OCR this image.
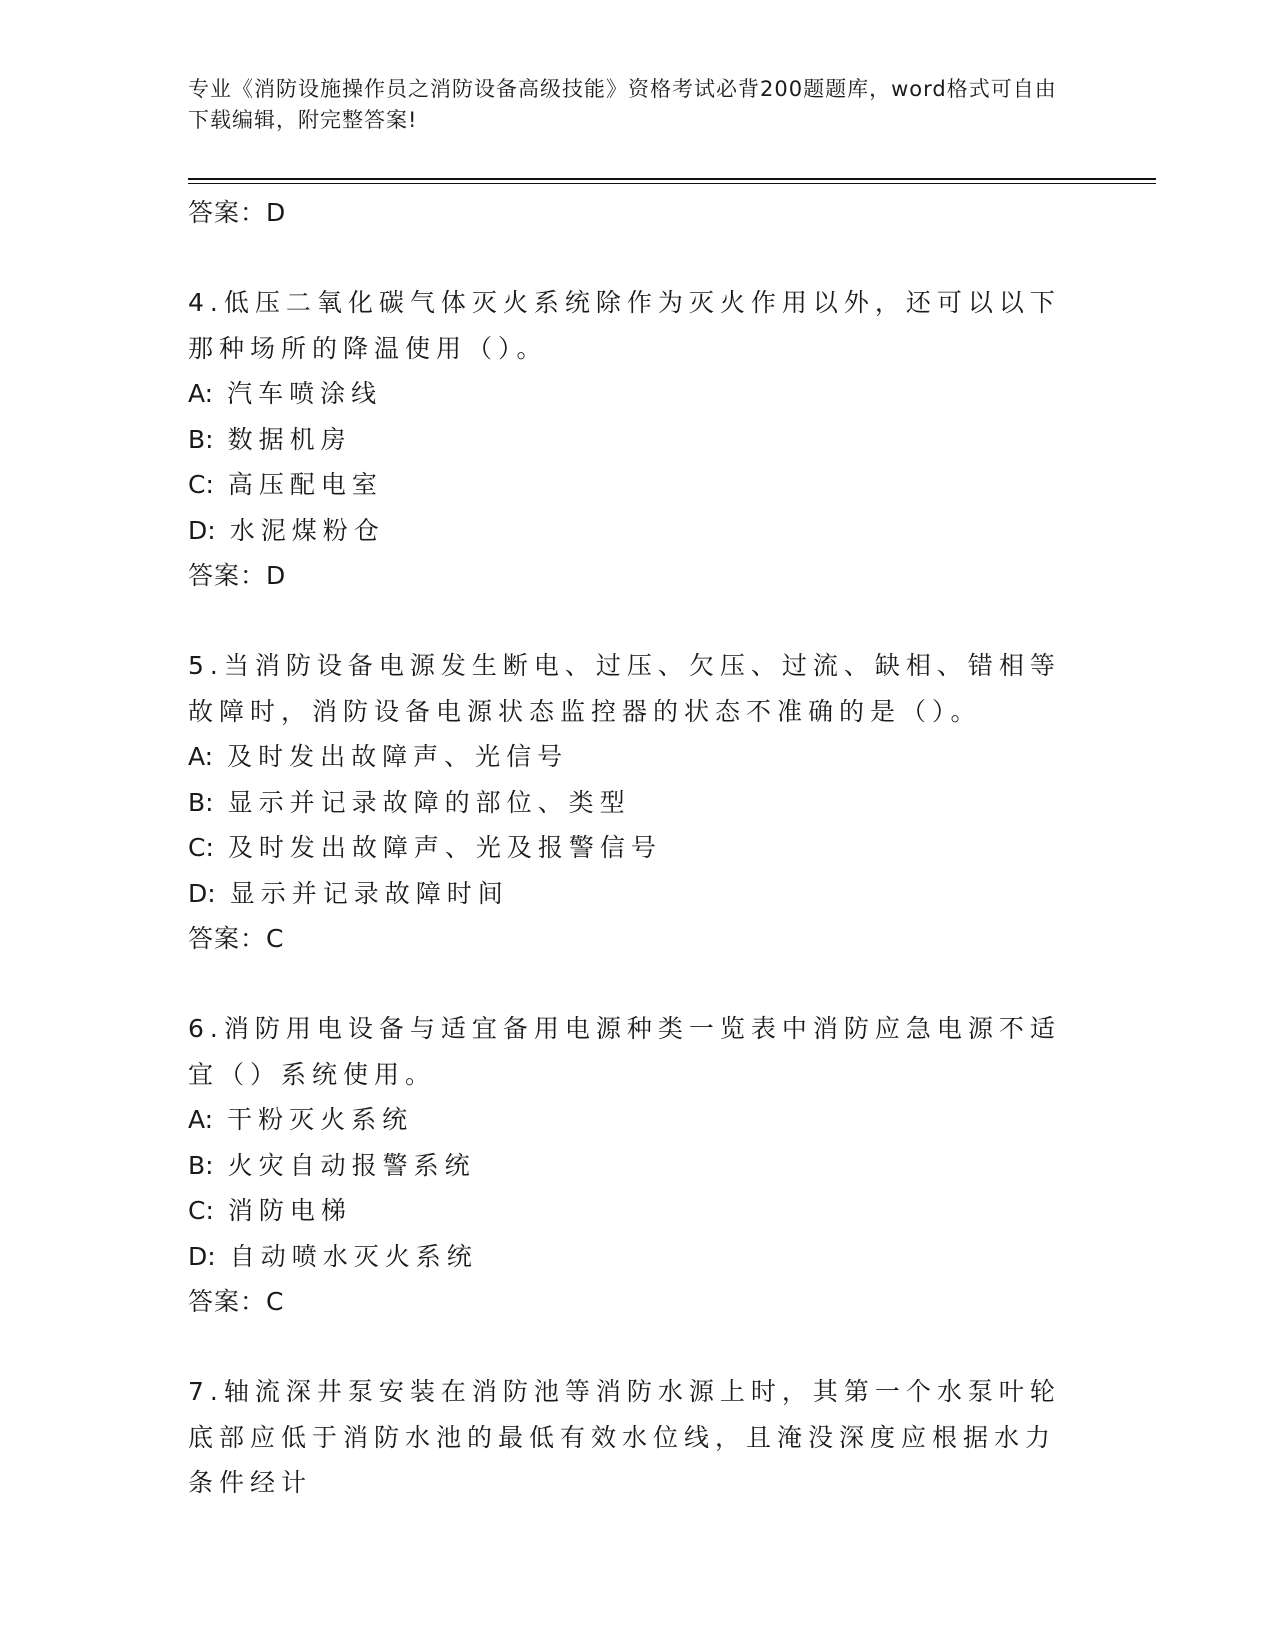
专业《消防设施操作员之消防设备高级技能》资格考试必背200题题库，word格式可自由下载编辑，附完整答案!
答案：D
4.低压二氧化碳气体灭火系统除作为灭火作用以外，还可以以下那种场所的降温使用（）。
A: 汽车喷涂线
B: 数据机房
C: 高压配电室
D: 水泥煤粉仓
答案：D
5.当消防设备电源发生断电、过压、欠压、过流、缺相、错相等故障时，消防设备电源状态监控器的状态不准确的是（）。
A: 及时发出故障声、光信号
B: 显示并记录故障的部位、类型
C: 及时发出故障声、光及报警信号
D: 显示并记录故障时间
答案：C
6.消防用电设备与适宜备用电源种类一览表中消防应急电源不适宜（）系统使用。
A: 干粉灭火系统
B: 火灾自动报警系统
C: 消防电梯
D: 自动喷水灭火系统
答案：C
7.轴流深井泵安装在消防池等消防水源上时，其第一个水泵叶轮底部应低于消防水池的最低有效水位线，且淹没深度应根据水力条件经计
